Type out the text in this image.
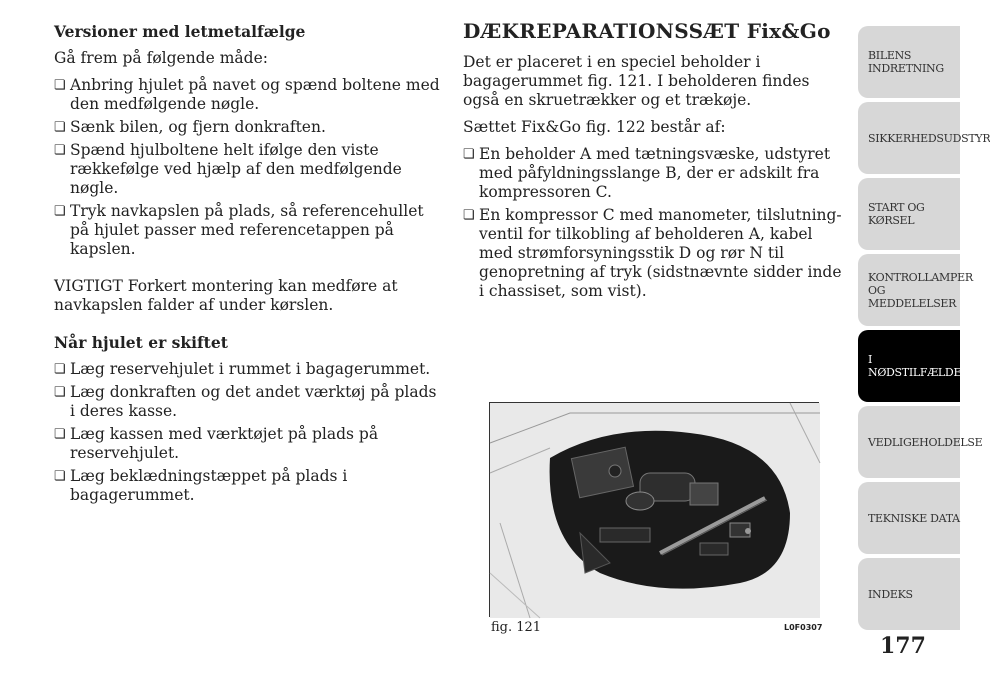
Versioner med letmetalfælge

Gå frem på følgende måde:

❏ Anbring hjulet på navet og spænd boltene med den medfølgende nøgle.
❏ Sænk bilen, og fjern donkraften.
❏ Spænd hjulboltene helt ifølge den viste rækkefølge ved hjælp af den medfølgende nøgle.
❏ Tryk navkapslen på plads, så referencehullet på hjulet passer med referencetappen på kapslen.

VIGTIGT Forkert montering kan medføre at navkapslen falder af under kørslen.

Når hjulet er skiftet
❏ Læg reservehjulet i rummet i bagagerummet.
❏ Læg donkraften og det andet værktøj på plads i deres kasse.
❏ Læg kassen med værktøjet på plads på reservehjulet.
❏ Læg beklædningstæppet på plads i bagagerummet.
DÆKREPARATIONSSÆT Fix&Go

Det er placeret i en speciel beholder i bagagerummet fig. 121. I beholderen findes også en skruetrækker og et trækøje.

Sættet Fix&Go fig. 122 består af:

❏ En beholder A med tætningsvæske, udstyret med påfyldningsslange B, der er adskilt fra kompressoren C.
❏ En kompressor C med manometer, tilslutning-ventil for tilkobling af beholderen A, kabel med strømforsyningsstik D og rør N til genopretning af tryk (sidstnævnte sidder inde i chassiset, som vist).
fig. 121	L0F0307
BILENS INDRETNING
SIKKERHEDSUDSTYR
START OG KØRSEL
KONTROLLAMPER OG MEDDELELSER
I NØDSTILFÆLDE
VEDLIGEHOLDELSE
TEKNISKE DATA
INDEKS
177
